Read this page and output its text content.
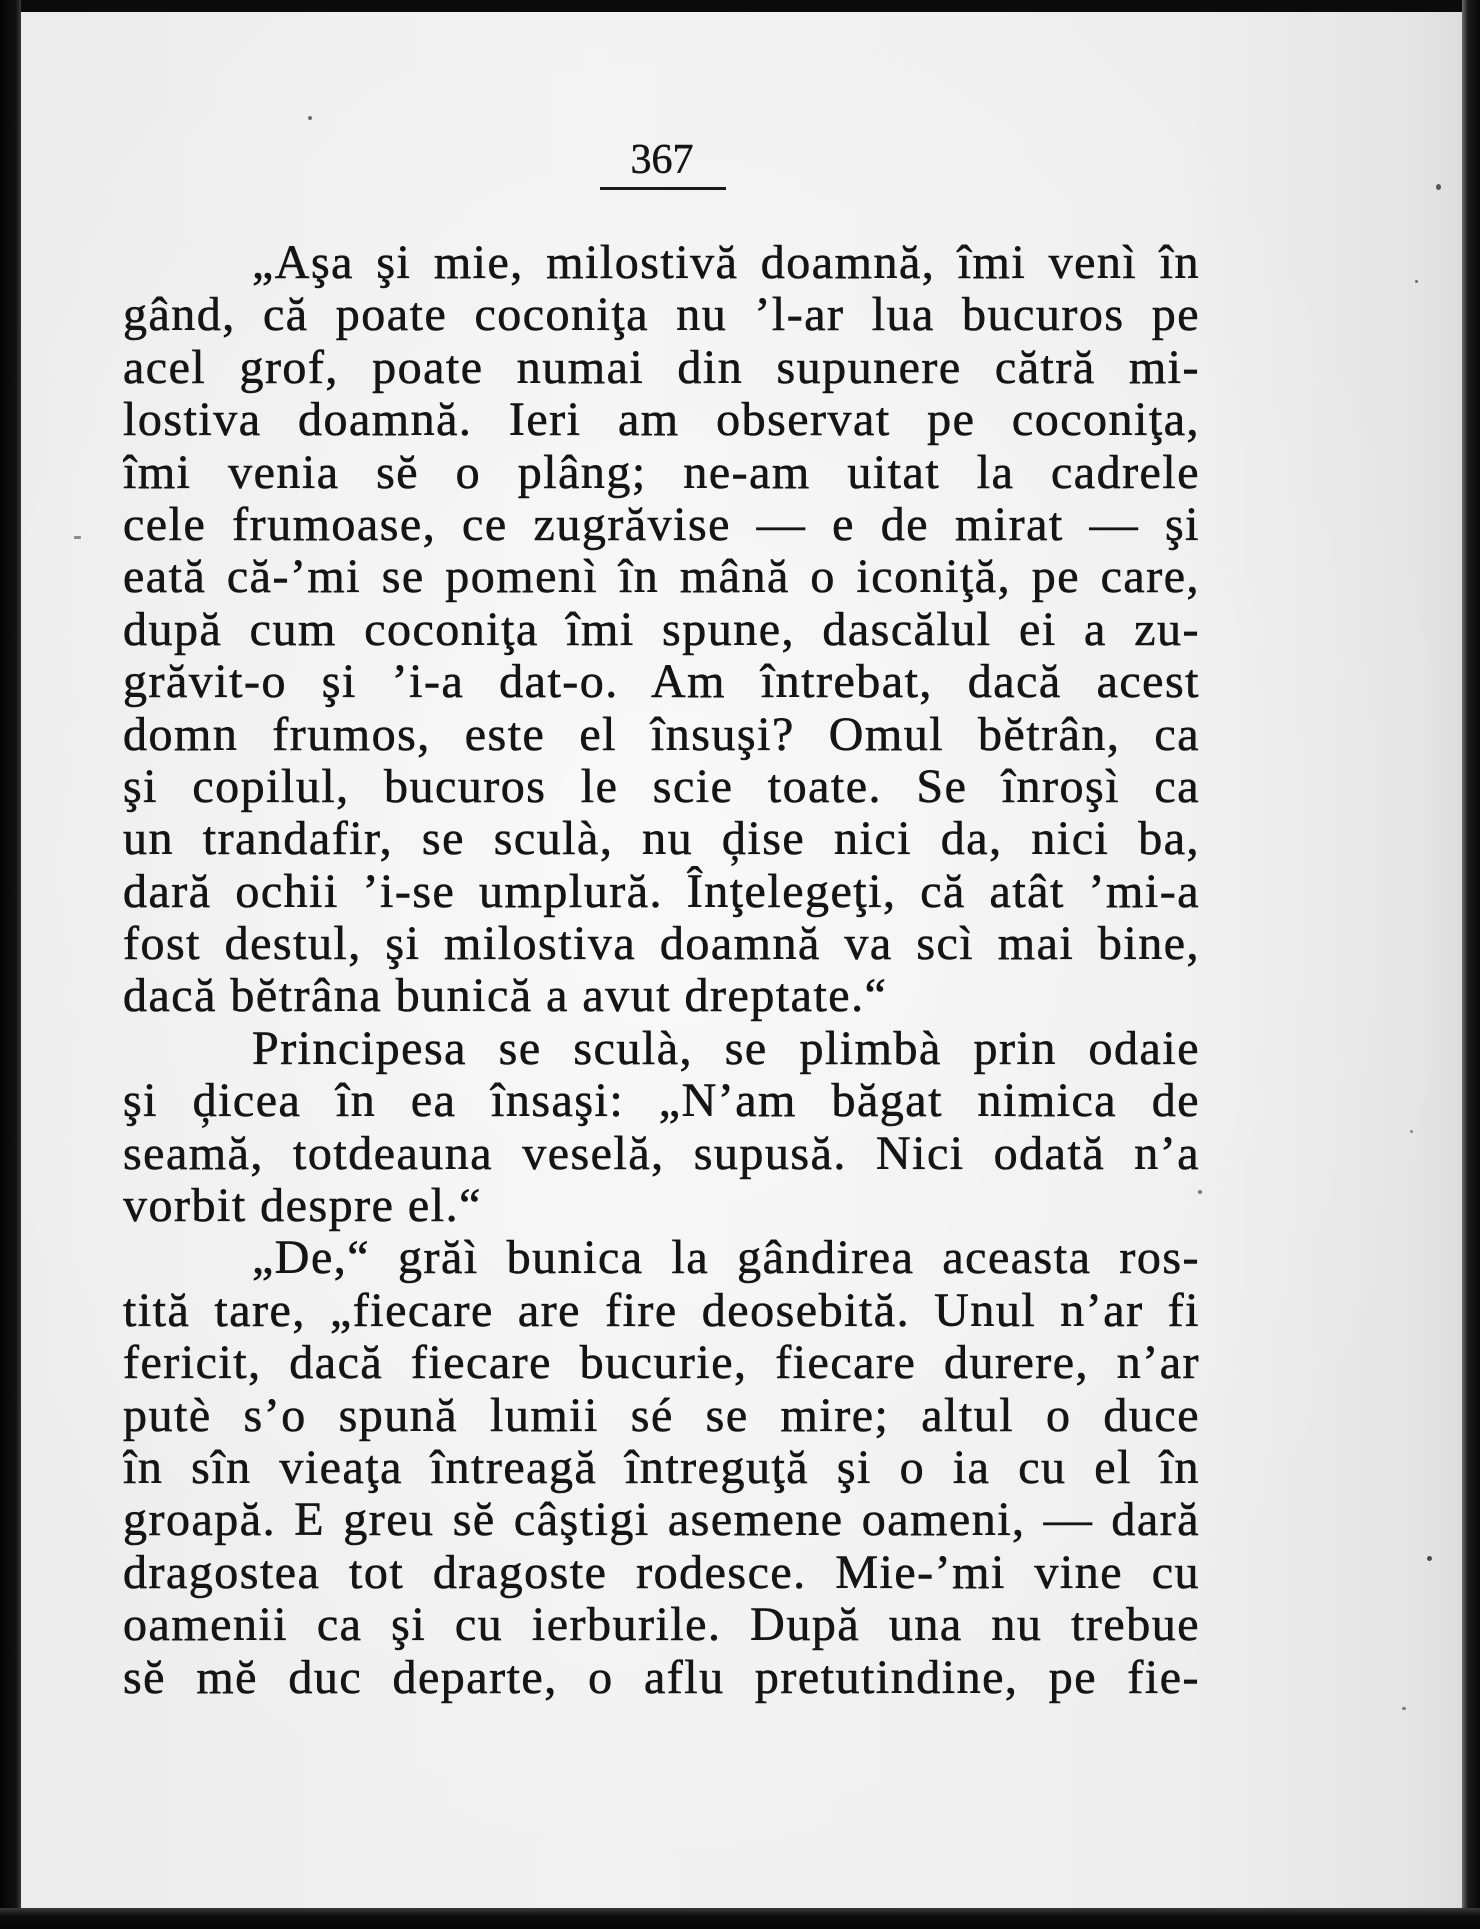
367
„Aşa şi mie, milostivă doamnă, îmi venì în
gând, că poate coconiţa nu ’l-ar lua bucuros pe
acel grof, poate numai din supunere cătră mi-
lostiva doamnă. Ieri am observat pe coconiţa,
îmi venia sĕ o plâng; ne-am uitat la cadrele
cele frumoase, ce zugrăvise — e de mirat — şi
eată că-’mi se pomenì în mână o iconiţă, pe care,
după cum coconiţa îmi spune, dascălul ei a zu-
grăvit-o şi ’i-a dat-o. Am întrebat, dacă acest
domn frumos, este el însuşi? Omul bĕtrân, ca
şi copilul, bucuros le scie toate. Se înroşì ca
un trandafir, se sculà, nu ḑise nici da, nici ba,
dară ochii ’i-se umplură. Înţelegeţi, că atât ’mi-a
fost destul, şi milostiva doamnă va scì mai bine,
dacă bĕtrâna bunică a avut dreptate.“
Principesa se sculà, se plimbà prin odaie
şi ḑicea în ea însaşi: „N’am băgat nimica de
seamă, totdeauna veselă, supusă. Nici odată n’a
vorbit despre el.“
„De,“ grăì bunica la gândirea aceasta ros-
tită tare, „fiecare are fire deosebită. Unul n’ar fi
fericit, dacă fiecare bucurie, fiecare durere, n’ar
putè s’o spună lumii sé se mire; altul o duce
în sîn vieaţa întreagă întreguţă şi o ia cu el în
groapă. E greu sĕ câştigi asemene oameni, — dară
dragostea tot dragoste rodesce. Mie-’mi vine cu
oamenii ca şi cu ierburile. După una nu trebue
sĕ mĕ duc departe, o aflu pretutindine, pe fie-
